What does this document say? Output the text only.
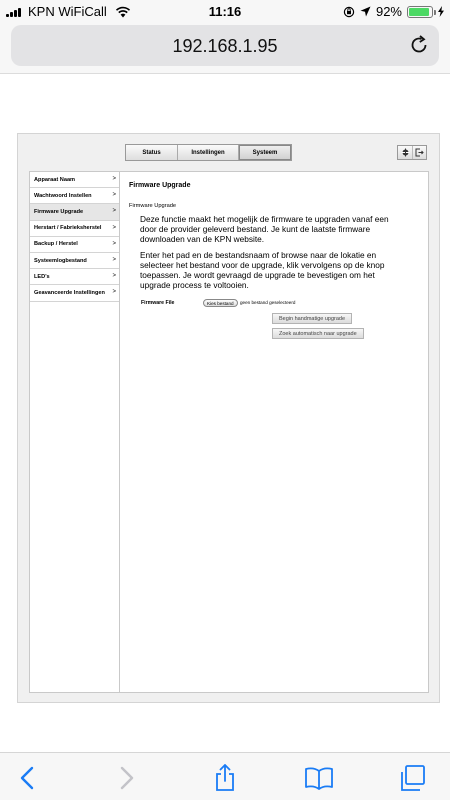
KPN WiFiCall	11:16	92%
192.168.1.95
Status	Instellingen	Systeem
Apparaat Naam	>
Wachtwoord Instellen	>
Firmware Upgrade	>
Herstart / Fabrieksherstel >
Backup / Herstel	>
Systeemlogbestand	>
LED's	>
Geavanceerde Instellingen >
Firmware Upgrade
Firmware Upgrade
Deze functie maakt het mogelijk de firmware te upgraden vanaf een door de provider geleverd bestand. Je kunt de laatste firmware downloaden van de KPN website.
Enter het pad en de bestandsnaam of browse naar de lokatie en selecteer het bestand voor de upgrade, klik vervolgens op de knop toepassen. Je wordt gevraagd de upgrade te bevestigen om het upgrade process te voltooien.
Firmware File	Kies bestand	geen bestand geselecteerd
Begin handmatige upgrade
Zoek automatisch naar upgrade
